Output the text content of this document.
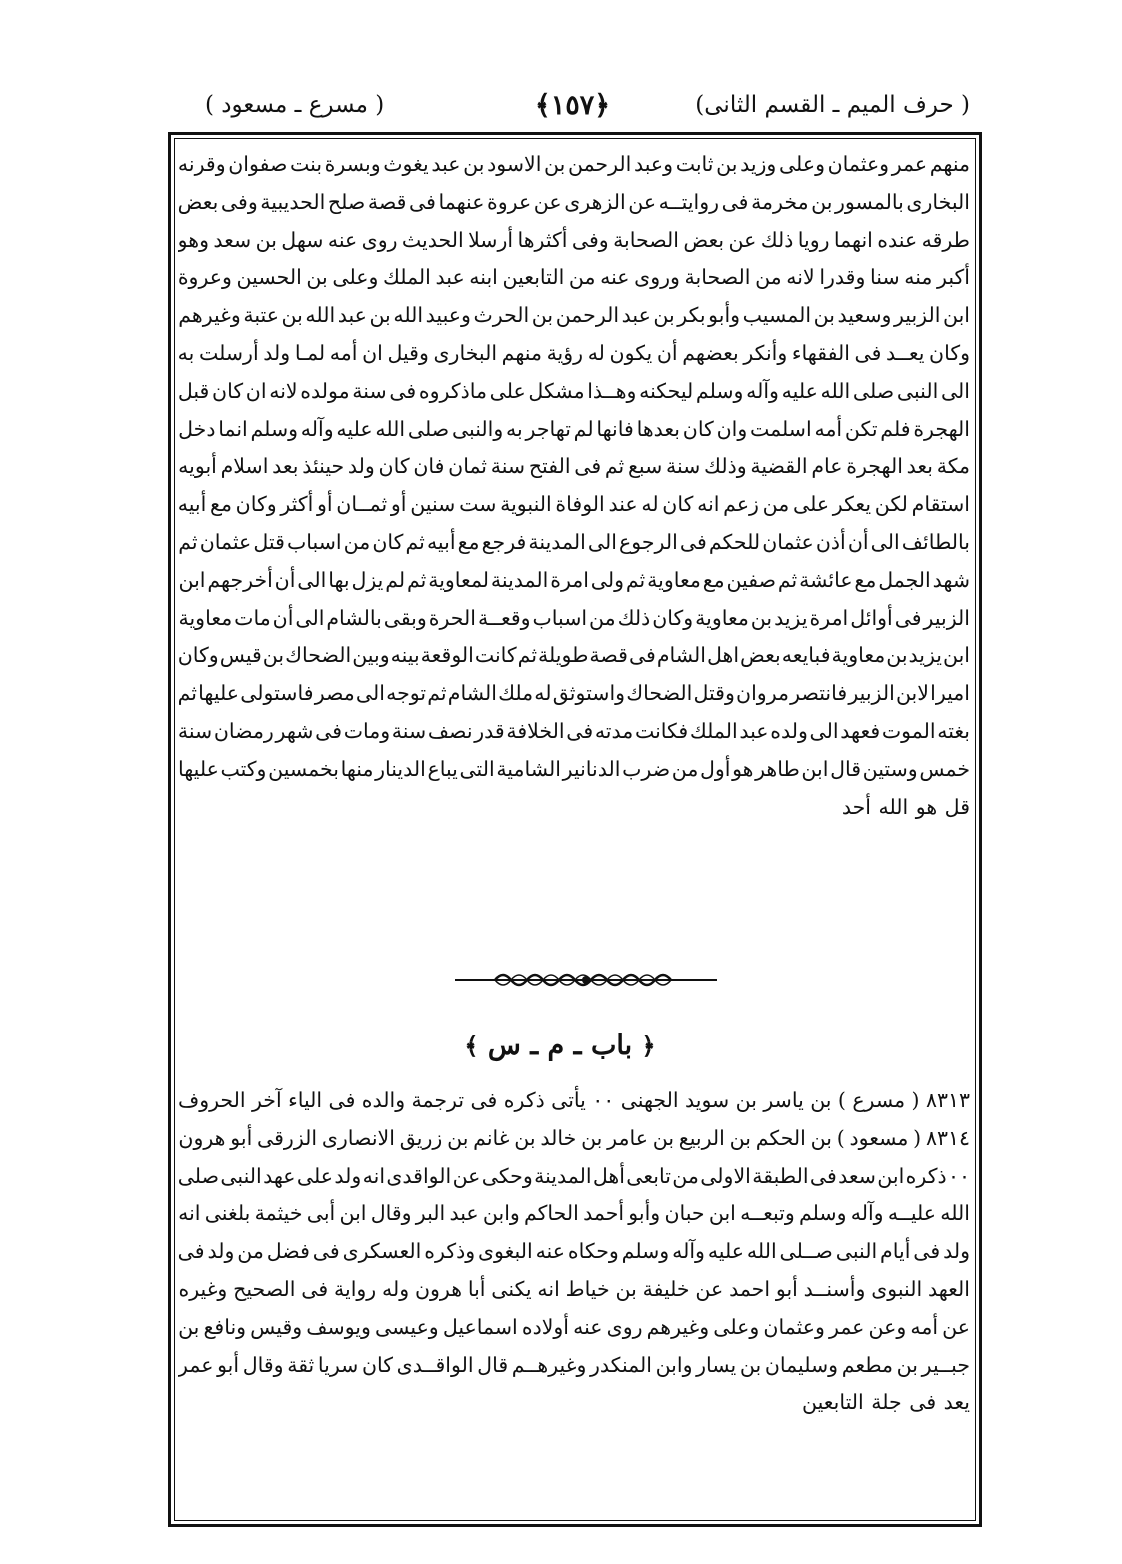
( حرف الميم ـ القسم الثانى)
﴿١٥٧﴾
( مسرع ـ مسعود )
منهم عمر وعثمان وعلى وزيد بن ثابت وعبد الرحمن بن الاسود بن عبد يغوث وبسرة بنت صفوان وقرنه
البخارى بالمسور بن مخرمة فى روايتــه عن الزهرى عن عروة عنهما فى قصة صلح الحديبية وفى بعض
طرقه عنده انهما رويا ذلك عن بعض الصحابة وفى أكثرها أرسلا الحديث روى عنه سهل بن سعد وهو
أكبر منه سنا وقدرا لانه من الصحابة وروى عنه من التابعين ابنه عبد الملك وعلى بن الحسين وعروة
ابن الزبير وسعيد بن المسيب وأبو بكر بن عبد الرحمن بن الحرث وعبيد الله بن عبد الله بن عتبة وغيرهم
وكان يعــد فى الفقهاء وأنكر بعضهم أن يكون له رؤية منهم البخارى وقيل ان أمه لمـا ولد أرسلت به
الى النبى صلى الله عليه وآله وسلم ليحكنه وهــذا مشكل على ماذكروه فى سنة مولده لانه ان كان قبل
الهجرة فلم تكن أمه اسلمت وان كان بعدها فانها لم تهاجر به والنبى صلى الله عليه وآله وسلم انما دخل
مكة بعد الهجرة عام القضية وذلك سنة سبع ثم فى الفتح سنة ثمان فان كان ولد حينئذ بعد اسلام أبويه
استقام لكن يعكر على من زعم انه كان له عند الوفاة النبوية ست سنين أو ثمــان أو أكثر وكان مع أبيه
بالطائف الى أن أذن عثمان للحكم فى الرجوع الى المدينة فرجع مع أبيه ثم كان من اسباب قتل عثمان ثم
شهد الجمل مع عائشة ثم صفين مع معاوية ثم ولى امرة المدينة لمعاوية ثم لم يزل بها الى أن أخرجهم ابن
الزبير فى أوائل امرة يزيد بن معاوية وكان ذلك من اسباب وقعــة الحرة وبقى بالشام الى أن مات معاوية
ابن يزيد بن معاوية فبايعه بعض اهل الشام فى قصة طويلة ثم كانت الوقعة بينه وبين الضحاك بن قيس وكان
اميرا لابن الزبير فانتصر مروان وقتل الضحاك واستوثق له ملك الشام ثم توجه الى مصر فاستولى عليها ثم
بغته الموت فعهد الى ولده عبد الملك فكانت مدته فى الخلافة قدر نصف سنة ومات فى شهر رمضان سنة
خمس وستين قال ابن طاهر هو أول من ضرب الدنانير الشامية التى يباع الدينار منها بخمسين وكتب عليها
قل هو الله أحد
﴿ باب ـ م ـ س ﴾
٨٣١٣ ( مسرع ) بن ياسر بن سويد الجهنى ٠٠ يأتى ذكره فى ترجمة والده فى الياء آخر الحروف
٨٣١٤ ( مسعود ) بن الحكم بن الربيع بن عامر بن خالد بن غانم بن زريق الانصارى الزرقى أبو هرون
٠٠ ذكره ابن سعد فى الطبقة الاولى من تابعى أهل المدينة وحكى عن الواقدى انه ولد على عهد النبى صلى
الله عليــه وآله وسلم وتبعــه ابن حبان وأبو أحمد الحاكم وابن عبد البر وقال ابن أبى خيثمة بلغنى انه
ولد فى أيام النبى صــلى الله عليه وآله وسلم وحكاه عنه البغوى وذكره العسكرى فى فضل من ولد فى
العهد النبوى وأسنــد أبو احمد عن خليفة بن خياط انه يكنى أبا هرون وله رواية فى الصحيح وغيره
عن أمه وعن عمر وعثمان وعلى وغيرهم روى عنه أولاده اسماعيل وعيسى ويوسف وقيس ونافع بن
جبــير بن مطعم وسليمان بن يسار وابن المنكدر وغيرهــم قال الواقــدى كان سريا ثقة وقال أبو عمر
يعد فى جلة التابعين
